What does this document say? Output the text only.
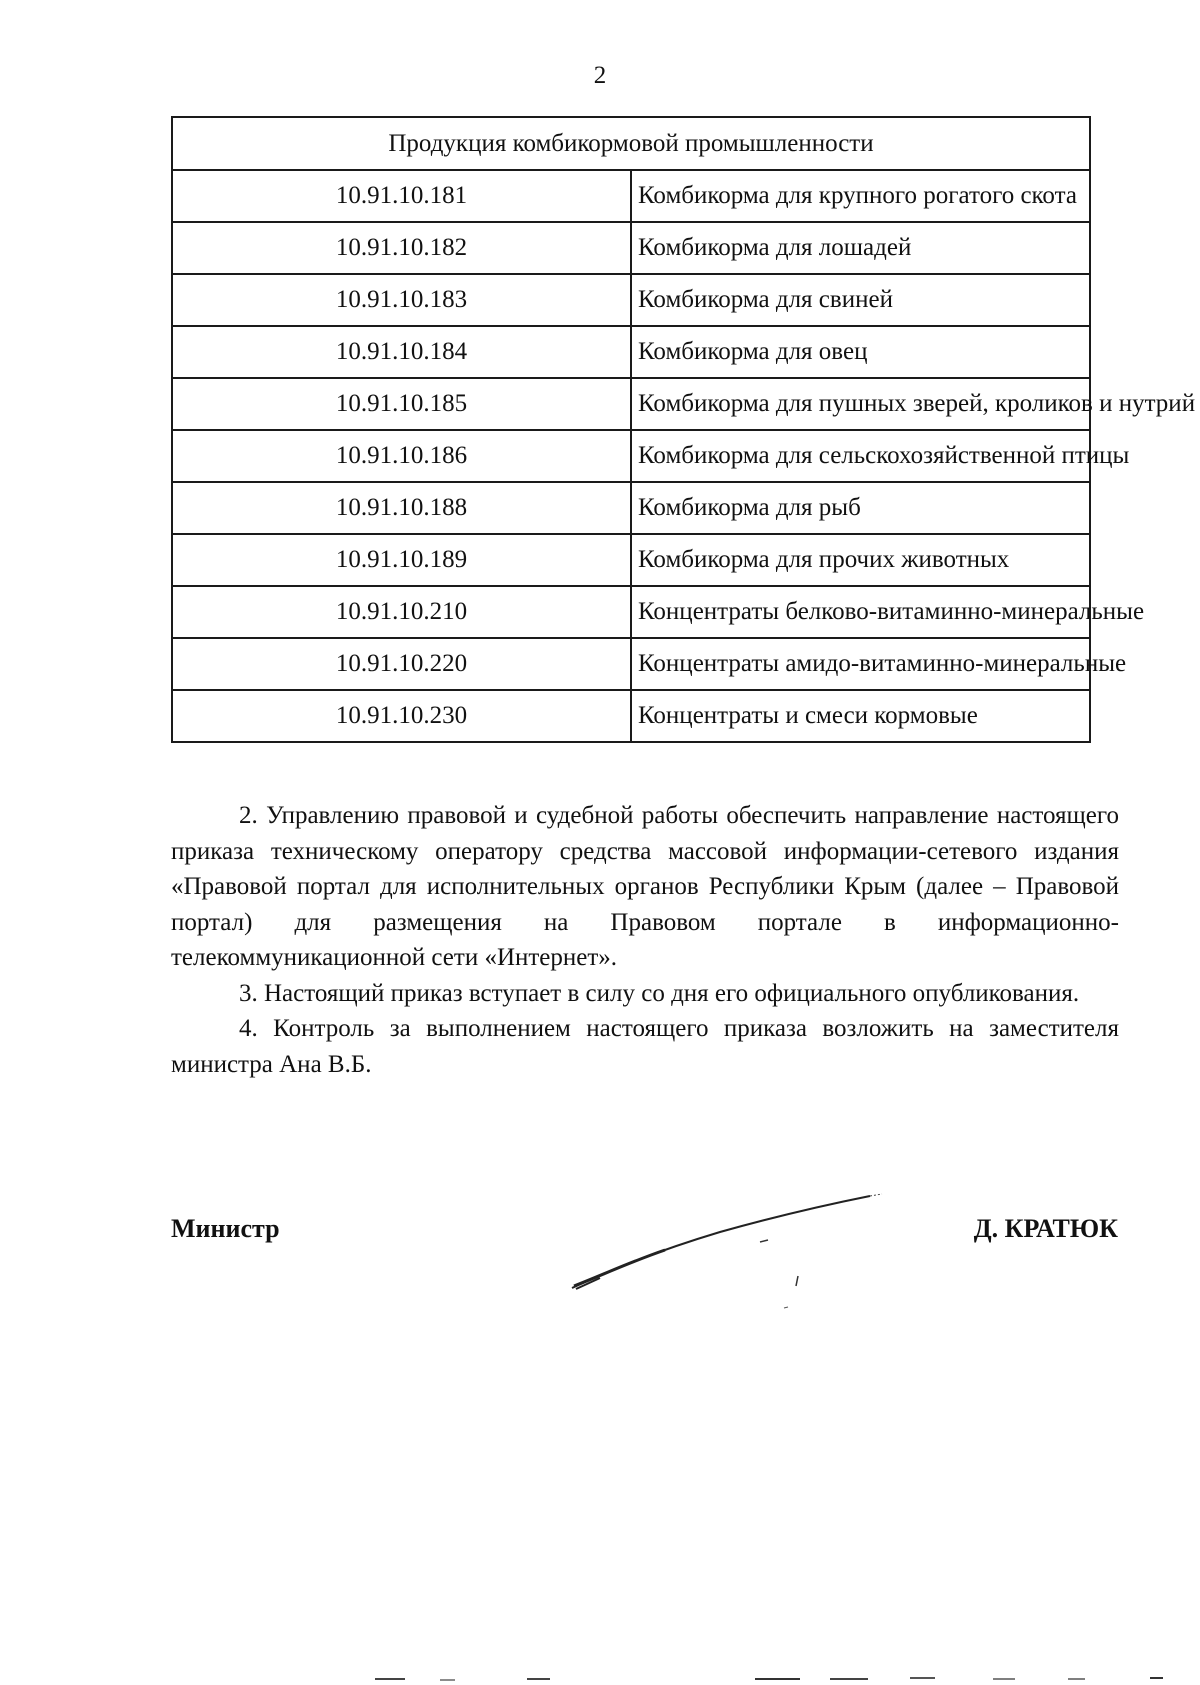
2
Продукция комбикормовой промышленности	
10.91.10.181	Комбикорма для крупного рогатого скота
10.91.10.182	Комбикорма для лошадей
10.91.10.183	Комбикорма для свиней
10.91.10.184	Комбикорма для овец
10.91.10.185	Комбикорма для пушных зверей, кроликов и нутрий
10.91.10.186	Комбикорма для сельскохозяйственной птицы
10.91.10.188	Комбикорма для рыб
10.91.10.189	Комбикорма для прочих животных
10.91.10.210	Концентраты белково-витаминно-минеральные
10.91.10.220	Концентраты амидо-витаминно-минеральные
10.91.10.230	Концентраты и смеси кормовые

2. Управлению правовой и судебной работы обеспечить направление настоящего приказа техническому оператору средства массовой информации-сетевого издания «Правовой портал для исполнительных органов Республики Крым (далее – Правовой портал) для размещения на Правовом портале в информационно-телекоммуникационной сети «Интернет».

3. Настоящий приказ вступает в силу со дня его официального опубликования.

4. Контроль за выполнением настоящего приказа возложить на заместителя министра Ана В.Б.

Министр	Д. КРАТЮК
